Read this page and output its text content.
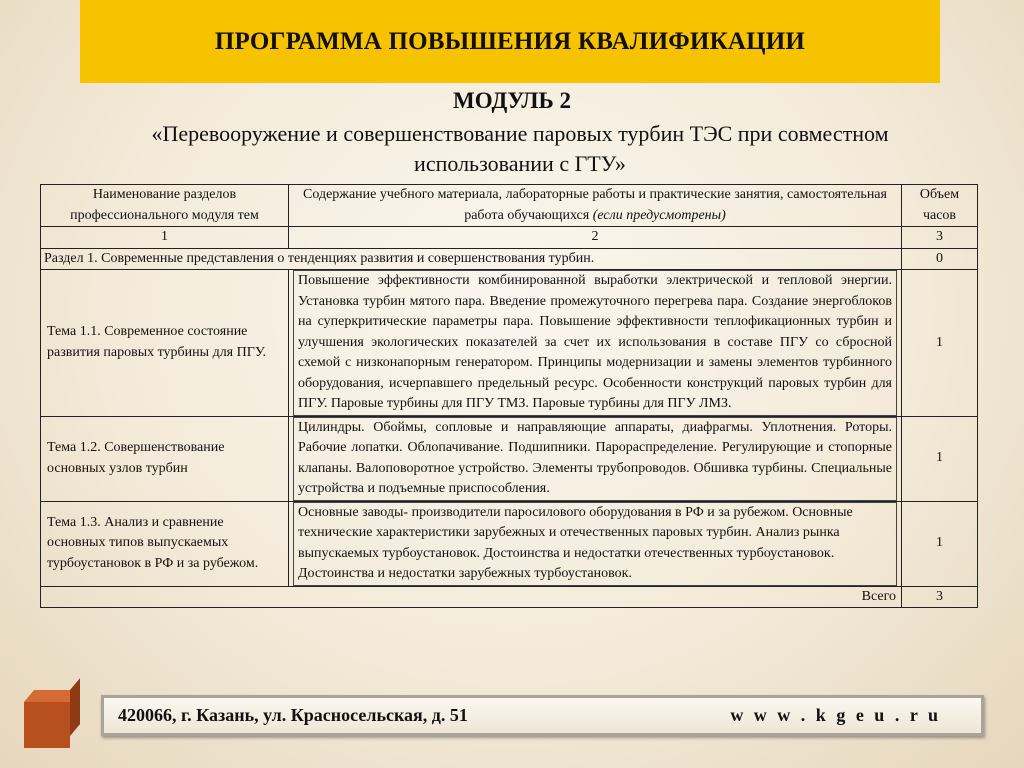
ПРОГРАММА ПОВЫШЕНИЯ КВАЛИФИКАЦИИ
МОДУЛЬ 2
«Перевооружение и совершенствование паровых турбин ТЭС при совместном использовании с ГТУ»
Наименование разделов профессионального модуля тем	Содержание учебного материала, лабораторные работы и практические занятия, самостоятельная работа обучающихся (если предусмотрены)	Объем часов
1	2	3
Раздел 1. Современные представления о тенденциях развития и совершенствования турбин.		0
Тема 1.1. Современное состояние развития паровых турбины для ПГУ.	Повышение эффективности комбинированной выработки электрической и тепловой энергии. Установка турбин мятого пара. Введение промежуточного перегрева пара. Создание энергоблоков на суперкритические параметры пара. Повышение эффективности теплофикационных турбин и улучшения экологических показателей за счет их использования в составе ПГУ со сбросной схемой с низконапорным генератором. Принципы модернизации и замены элементов турбинного оборудования, исчерпавшего предельный ресурс. Особенности конструкций паровых турбин для ПГУ. Паровые турбины для ПГУ ТМЗ. Паровые турбины для ПГУ ЛМЗ.	1
Тема 1.2. Совершенствование основных узлов турбин	Цилиндры. Обоймы, сопловые и направляющие аппараты, диафрагмы. Уплотнения. Роторы. Рабочие лопатки. Облопачивание. Подшипники. Парораспределение. Регулирующие и стопорные клапаны. Валоповоротное устройство. Элементы трубопроводов. Обшивка турбины. Специальные устройства и подъемные приспособления.	1
Тема 1.3. Анализ и сравнение основных типов выпускаемых турбоустановок в РФ и за рубежом.	Основные заводы- производители паросилового оборудования в РФ и за рубежом. Основные технические характеристики зарубежных и отечественных паровых турбин. Анализ рынка выпускаемых турбоустановок. Достоинства и недостатки отечественных турбоустановок. Достоинства и недостатки зарубежных турбоустановок.	1
Всего		3
420066, г. Казань, ул. Красносельская, д. 51	w w w . k g e u . r u
